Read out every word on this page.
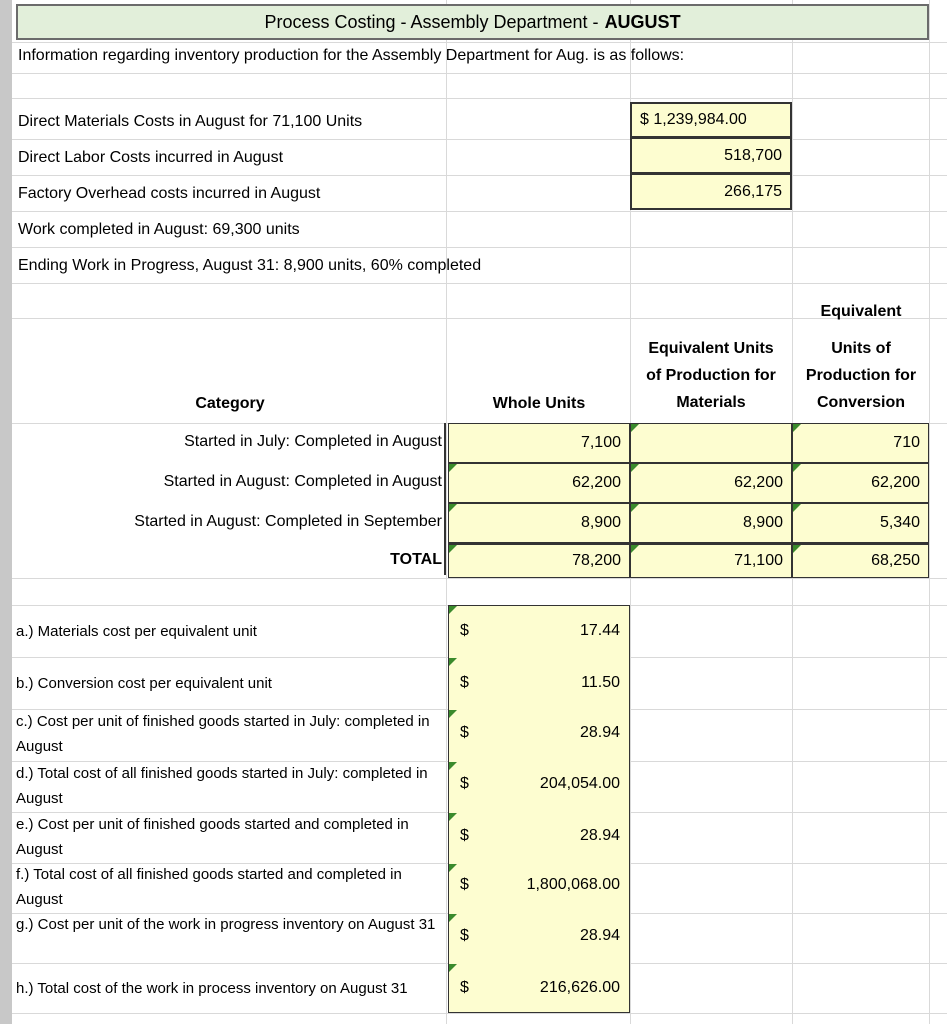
Process Costing - Assembly Department - AUGUST
Information regarding inventory production for the Assembly Department for Aug. is as follows:
Direct Materials Costs in August for 71,100 Units
Direct Labor Costs incurred in August
Factory Overhead costs incurred in August
$ 1,239,984.00
518,700
266,175
Work completed in August: 69,300 units
Ending Work in Progress, August 31: 8,900 units, 60% completed
Category	Whole Units
Equivalent Units
of Production for
Materials
Equivalent
Units of
Production for
Conversion
Started in July: Completed in August
Started in August: Completed in August
Started in August: Completed in September
TOTAL
7,100
62,200
8,900
78,200
62,200
8,900
71,100
710
62,200
5,340
68,250
a.) Materials cost per equivalent unit
b.) Conversion cost per equivalent unit
c.) Cost per unit of finished goods started in July: completed in August
d.) Total cost of all finished goods started in July: completed in August
e.) Cost per unit of finished goods started and completed in August
f.) Total cost of all finished goods started and completed in August
g.) Cost per unit of the work in progress inventory on August 31
h.) Total cost of the work in process inventory on August 31
$
$
$
$
$
$
$
$
17.44
11.50
28.94
204,054.00
28.94
1,800,068.00
28.94
216,626.00
